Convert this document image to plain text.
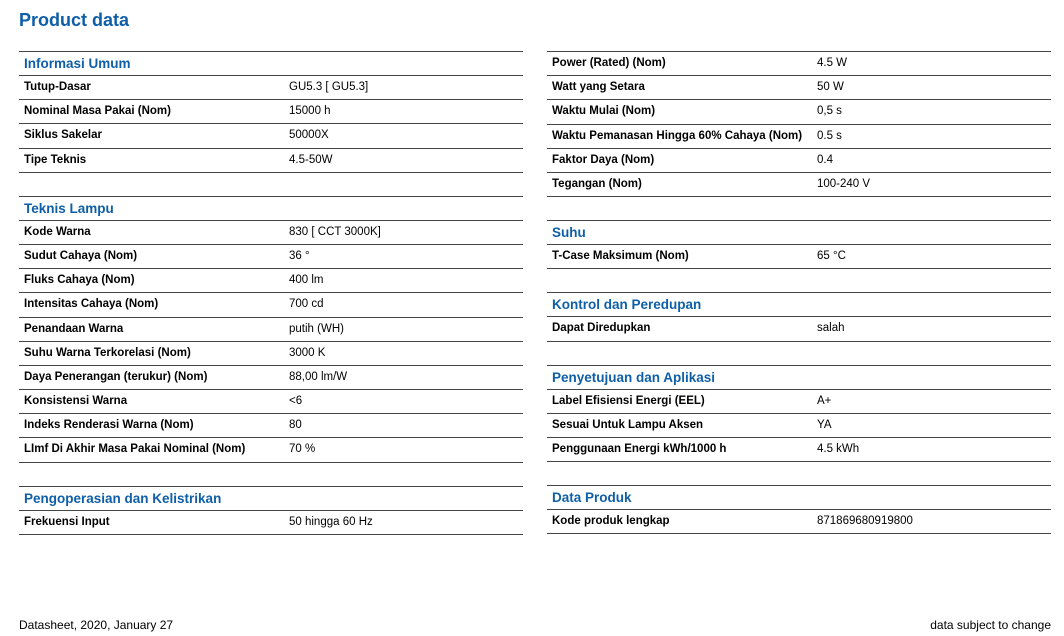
Product data
Informasi Umum
Tutup-Dasar	GU5.3 [ GU5.3]
Nominal Masa Pakai (Nom)	15000 h
Siklus Sakelar	50000X
Tipe Teknis	4.5-50W
Teknis Lampu
Kode Warna	830 [ CCT 3000K]
Sudut Cahaya (Nom)	36 °
Fluks Cahaya (Nom)	400 lm
Intensitas Cahaya (Nom)	700 cd
Penandaan Warna	putih (WH)
Suhu Warna Terkorelasi (Nom)	3000 K
Daya Penerangan (terukur) (Nom)	88,00 lm/W
Konsistensi Warna	<6
Indeks Renderasi Warna (Nom)	80
LImf Di Akhir Masa Pakai Nominal (Nom)	70 %
Pengoperasian dan Kelistrikan
Frekuensi Input	50 hingga 60 Hz
Power (Rated) (Nom)	4.5 W
Watt yang Setara	50 W
Waktu Mulai (Nom)	0,5 s
Waktu Pemanasan Hingga 60% Cahaya (Nom)	0.5 s
Faktor Daya (Nom)	0.4
Tegangan (Nom)	100-240 V
Suhu
T-Case Maksimum (Nom)	65 °C
Kontrol dan Peredupan
Dapat Diredupkan	salah
Penyetujuan dan Aplikasi
Label Efisiensi Energi (EEL)	A+
Sesuai Untuk Lampu Aksen	YA
Penggunaan Energi kWh/1000 h	4.5 kWh
Data Produk
Kode produk lengkap	871869680919800
Datasheet, 2020, January 27	data subject to change
